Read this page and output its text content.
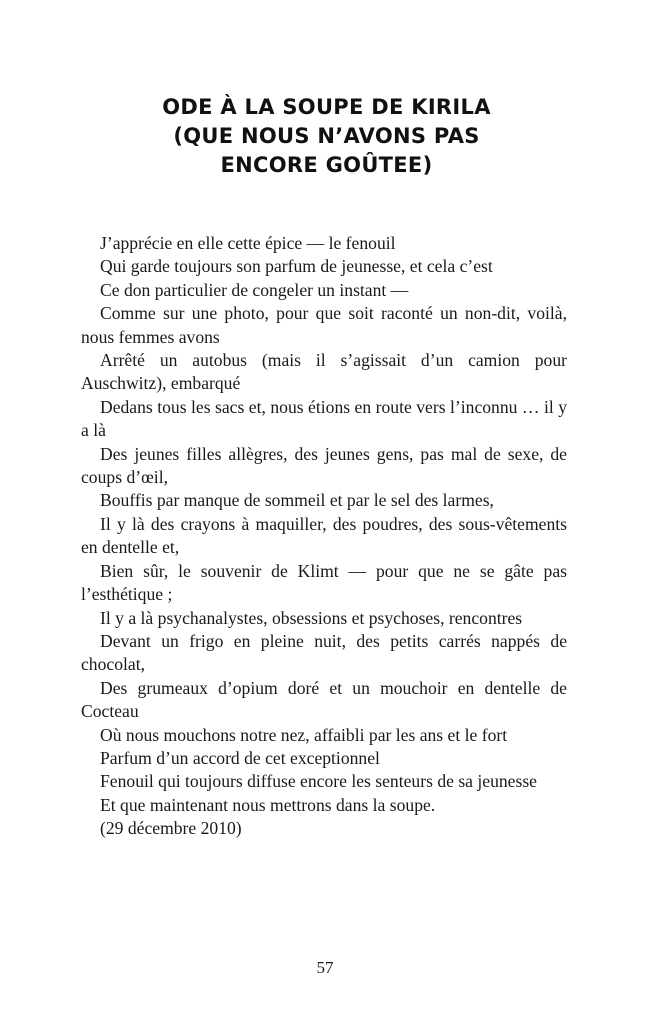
ODE À LA SOUPE DE KIRILA
(QUE NOUS N’AVONS PAS
ENCORE GOÛTEE)

J’apprécie en elle cette épice — le fenouil

Qui garde toujours son parfum de jeunesse, et cela c’est

Ce don particulier de congeler un instant —

Comme sur une photo, pour que soit raconté un non-dit, voilà, nous femmes avons

Arrêté un autobus (mais il s’agissait d’un camion pour Auschwitz), embarqué

Dedans tous les sacs et, nous étions en route vers l’inconnu … il y a là

Des jeunes filles allègres, des jeunes gens, pas mal de sexe, de coups d’œil,

Bouffis par manque de sommeil et par le sel des larmes,

Il y là des crayons à maquiller, des poudres, des sous-vêtements en dentelle et,

Bien sûr, le souvenir de Klimt — pour que ne se gâte pas l’esthétique ;

Il y a là psychanalystes, obsessions et psychoses, rencontres

Devant un frigo en pleine nuit, des petits carrés nappés de chocolat,

Des grumeaux d’opium doré et un mouchoir en dentelle de Cocteau

Où nous mouchons notre nez, affaibli par les ans et le fort

Parfum d’un accord de cet exceptionnel

Fenouil qui toujours diffuse encore les senteurs de sa jeunesse

Et que maintenant nous mettrons dans la soupe.

(29 décembre 2010)

57
